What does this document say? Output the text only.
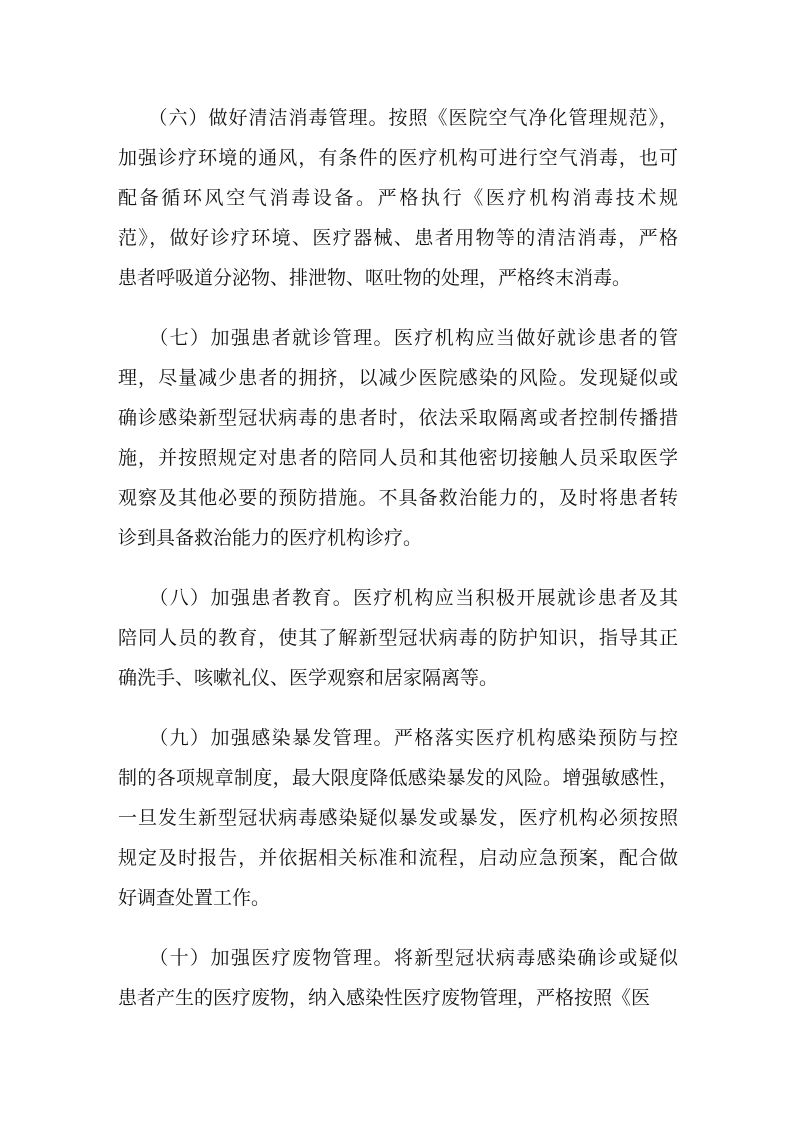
　　（六）做好清洁消毒管理。按照《医院空气净化管理规范》，
加强诊疗环境的通风，有条件的医疗机构可进行空气消毒，也可
配备循环风空气消毒设备。严格执行《医疗机构消毒技术规
范》，做好诊疗环境、医疗器械、患者用物等的清洁消毒，严格
患者呼吸道分泌物、排泄物、呕吐物的处理，严格终末消毒。
　　（七）加强患者就诊管理。医疗机构应当做好就诊患者的管
理，尽量减少患者的拥挤，以减少医院感染的风险。发现疑似或
确诊感染新型冠状病毒的患者时，依法采取隔离或者控制传播措
施，并按照规定对患者的陪同人员和其他密切接触人员采取医学
观察及其他必要的预防措施。不具备救治能力的，及时将患者转
诊到具备救治能力的医疗机构诊疗。
　　（八）加强患者教育。医疗机构应当积极开展就诊患者及其
陪同人员的教育，使其了解新型冠状病毒的防护知识，指导其正
确洗手、咳嗽礼仪、医学观察和居家隔离等。
　　（九）加强感染暴发管理。严格落实医疗机构感染预防与控
制的各项规章制度，最大限度降低感染暴发的风险。增强敏感性，
一旦发生新型冠状病毒感染疑似暴发或暴发，医疗机构必须按照
规定及时报告，并依据相关标准和流程，启动应急预案，配合做
好调查处置工作。
　　（十）加强医疗废物管理。将新型冠状病毒感染确诊或疑似
患者产生的医疗废物，纳入感染性医疗废物管理，严格按照《医
